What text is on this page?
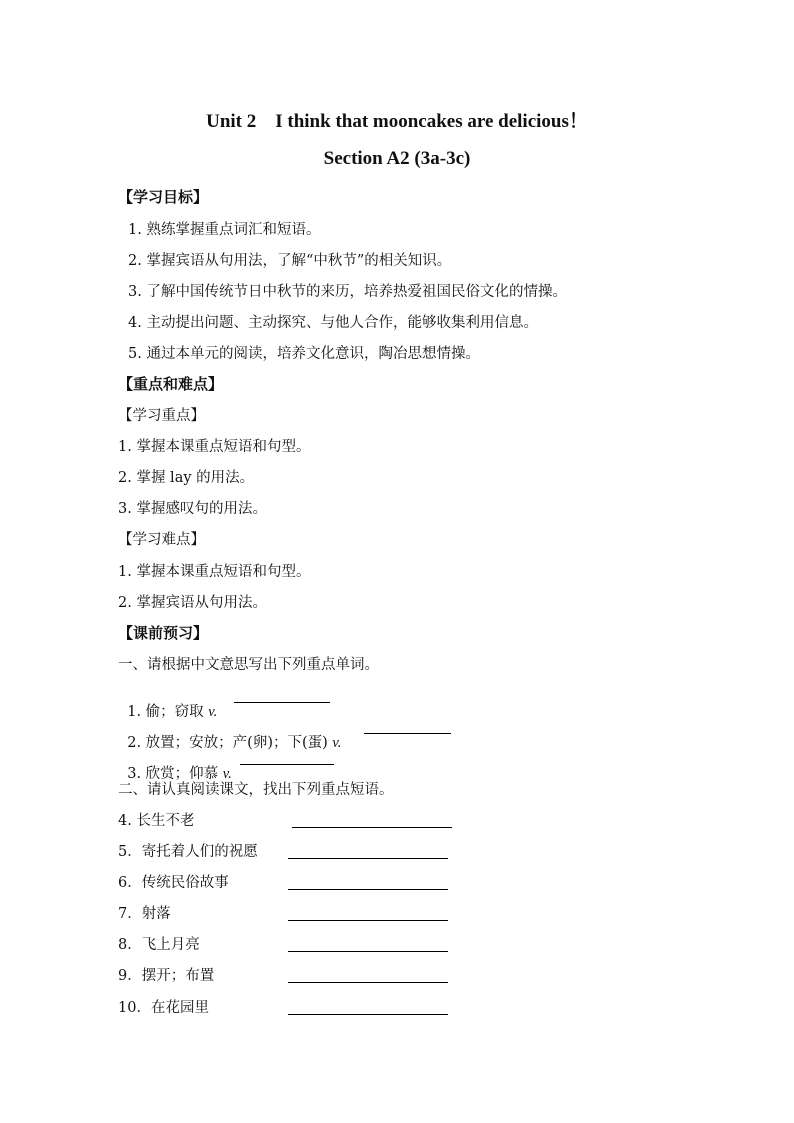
Unit 2    I think that mooncakes are delicious！
Section A2 (3a-3c)
【学习目标】
1. 熟练掌握重点词汇和短语。
2. 掌握宾语从句用法，了解“中秋节”的相关知识。
3. 了解中国传统节日中秋节的来历，培养热爱祖国民俗文化的情操。
4. 主动提出问题、主动探究、与他人合作，能够收集利用信息。
5. 通过本单元的阅读，培养文化意识，陶冶思想情操。
【重点和难点】
【学习重点】
1. 掌握本课重点短语和句型。
2. 掌握 lay 的用法。
3. 掌握感叹句的用法。
【学习难点】
1. 掌握本课重点短语和句型。
2. 掌握宾语从句用法。
【课前预习】
一、请根据中文意思写出下列重点单词。

1. 偷；窃取 v.

2. 放置；安放；产(卵)；下(蛋) v.

3. 欣赏；仰慕 v.

二、请认真阅读课文，找出下列重点短语。
4. 长生不老
5．寄托着人们的祝愿
6．传统民俗故事
7．射落
8．飞上月亮
9．摆开；布置
10．在花园里
